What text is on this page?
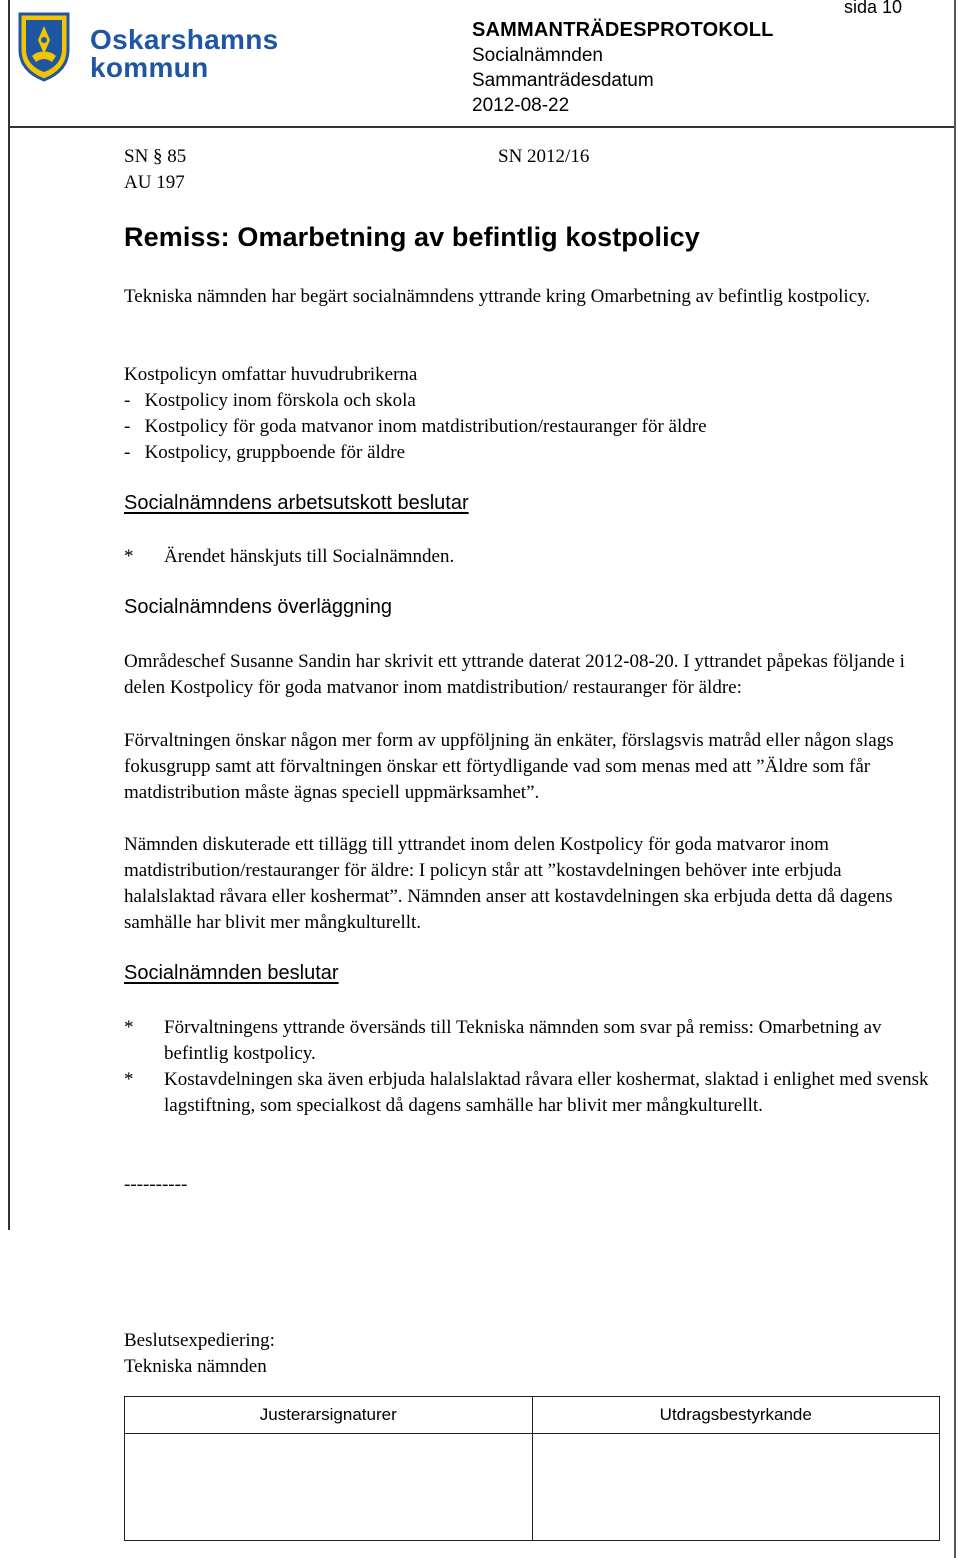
Oskarshamns
kommun
SAMMANTRÄDESPROTOKOLL
Socialnämnden
Sammanträdesdatum
2012-08-22
sida 10
SN § 85
AU 197
SN 2012/16
Remiss: Omarbetning av befintlig kostpolicy
Tekniska nämnden har begärt socialnämndens yttrande kring Omarbetning av befintlig kostpolicy.
Kostpolicyn omfattar huvudrubrikerna
-   Kostpolicy inom förskola och skola
-   Kostpolicy för goda matvanor inom matdistribution/restauranger för äldre
-   Kostpolicy, gruppboende för äldre
Socialnämndens arbetsutskott beslutar
* Ärendet hänskjuts till Socialnämnden.
Socialnämndens överläggning
Områdeschef Susanne Sandin har skrivit ett yttrande daterat 2012-08-20. I yttrandet påpekas följande i delen Kostpolicy för goda matvanor inom matdistribution/ restauranger för äldre:
Förvaltningen önskar någon mer form av uppföljning än enkäter, förslagsvis matråd eller någon slags fokusgrupp samt att förvaltningen önskar ett förtydligande vad som menas med att ”Äldre som får matdistribution måste ägnas speciell uppmärksamhet”.
Nämnden diskuterade ett tillägg till yttrandet inom delen Kostpolicy för goda matvaror inom matdistribution/restauranger för äldre: I policyn står att ”kostavdelningen behöver inte erbjuda halalslaktad råvara eller koshermat”. Nämnden anser att kostavdelningen ska erbjuda detta då dagens samhälle har blivit mer mångkulturellt.
Socialnämnden beslutar
* Förvaltningens yttrande översänds till Tekniska nämnden som svar på remiss: Omarbetning av befintlig kostpolicy.
* Kostavdelningen ska även erbjuda halalslaktad råvara eller koshermat, slaktad i enlighet med svensk lagstiftning, som specialkost då dagens samhälle har blivit mer mångkulturellt.
----------
Beslutsexpediering:
Tekniska nämnden
Justerarsignaturer	Utdragsbestyrkande
